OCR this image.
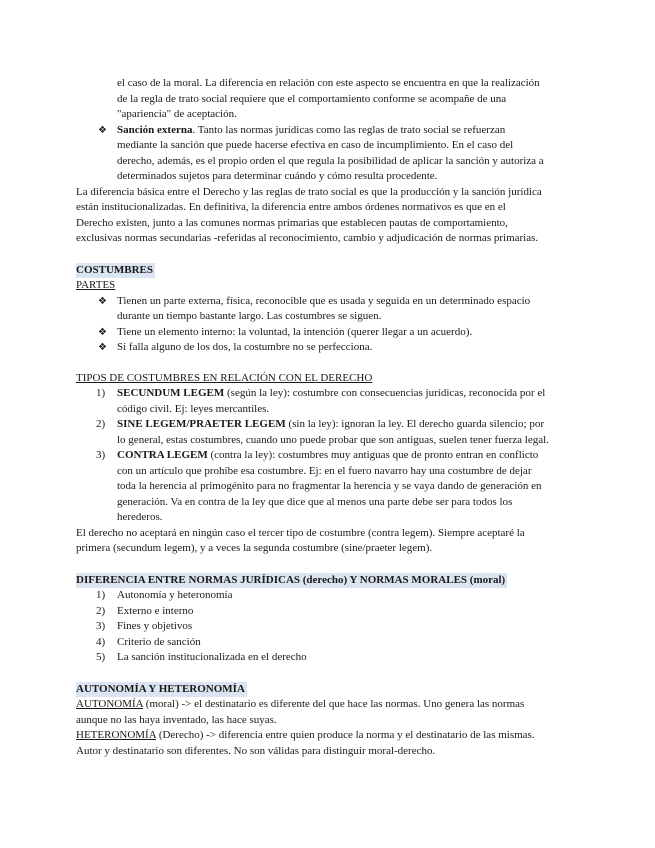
el caso de la moral. La diferencia en relación con este aspecto se encuentra en que la realización
de la regla de trato social requiere que el comportamiento conforme se acompañe de una
"apariencia" de aceptación.

❖ Sanción externa. Tanto las normas jurídicas como las reglas de trato social se refuerzan
mediante la sanción que puede hacerse efectiva en caso de incumplimiento. En el caso del
derecho, además, es el propio orden el que regula la posibilidad de aplicar la sanción y autoriza a
determinados sujetos para determinar cuándo y cómo resulta procedente.

La diferencia básica entre el Derecho y las reglas de trato social es que la producción y la sanción jurídica
están institucionalizadas. En definitiva, la diferencia entre ambos órdenes normativos es que en el
Derecho existen, junto a las comunes normas primarias que establecen pautas de comportamiento,
exclusivas normas secundarias -referidas al reconocimiento, cambio y adjudicación de normas primarias.

COSTUMBRES

PARTES

❖ Tienen un parte externa, física, reconocible que es usada y seguida en un determinado espacio
durante un tiempo bastante largo. Las costumbres se siguen.

❖ Tiene un elemento interno: la voluntad, la intención (querer llegar a un acuerdo).

❖ Si falla alguno de los dos, la costumbre no se perfecciona.

TIPOS DE COSTUMBRES EN RELACIÓN CON EL DERECHO

1) SECUNDUM LEGEM (según la ley): costumbre con consecuencias jurídicas, reconocida por el
código civil. Ej: leyes mercantiles.

2) SINE LEGEM/PRAETER LEGEM (sin la ley): ignoran la ley. El derecho guarda silencio; por
lo general, estas costumbres, cuando uno puede probar que son antiguas, suelen tener fuerza legal.

3) CONTRA LEGEM (contra la ley): costumbres muy antiguas que de pronto entran en conflicto
con un artículo que prohíbe esa costumbre. Ej: en el fuero navarro hay una costumbre de dejar
toda la herencia al primogénito para no fragmentar la herencia y se vaya dando de generación en
generación. Va en contra de la ley que dice que al menos una parte debe ser para todos los
herederos.

El derecho no aceptará en ningún caso el tercer tipo de costumbre (contra legem). Siempre aceptaré la
primera (secundum legem), y a veces la segunda costumbre (sine/praeter legem).

DIFERENCIA ENTRE NORMAS JURÍDICAS (derecho) Y NORMAS MORALES (moral)

1) Autonomía y heteronomía

2) Externo e interno

3) Fines y objetivos

4) Criterio de sanción

5) La sanción institucionalizada en el derecho

AUTONOMÍA Y HETERONOMÍA

AUTONOMÍA (moral) -> el destinatario es diferente del que hace las normas. Uno genera las normas
aunque no las haya inventado, las hace suyas.

HETERONOMÍA (Derecho) -> diferencia entre quien produce la norma y el destinatario de las mismas.
Autor y destinatario son diferentes. No son válidas para distinguir moral-derecho.
